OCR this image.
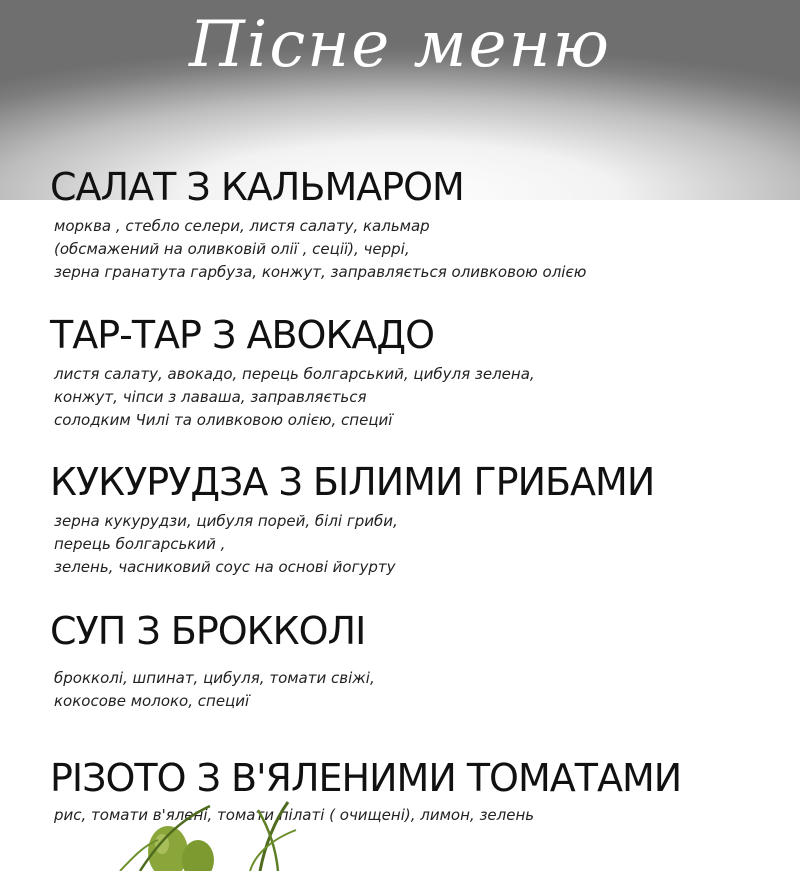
Пісне меню
САЛАТ З КАЛЬМАРОМ
морква , стебло селери, листя салату, кальмар
(обсмажений на оливковій олії , сеції), черрі,
зерна гранатута гарбуза, конжут, заправляється оливковою олією
ТАР-ТАР З АВОКАДО
листя салату, авокадо, перець болгарський, цибуля зелена,
конжут, чіпси з лаваша, заправляється
солодким Чилі та оливковою олією, специї
КУКУРУДЗА З БІЛИМИ ГРИБАМИ
зерна кукурудзи, цибуля порей, білі гриби,
перець болгарський ,
зелень, часниковий соус на основі йогурту
СУП З БРОККОЛІ
брокколі, шпинат, цибуля, томати свіжі,
кокосове молоко, специї
РІЗОТО З В'ЯЛЕНИМИ ТОМАТАМИ
рис, томати в'ялені, томати пілаті ( очищені), лимон, зелень
